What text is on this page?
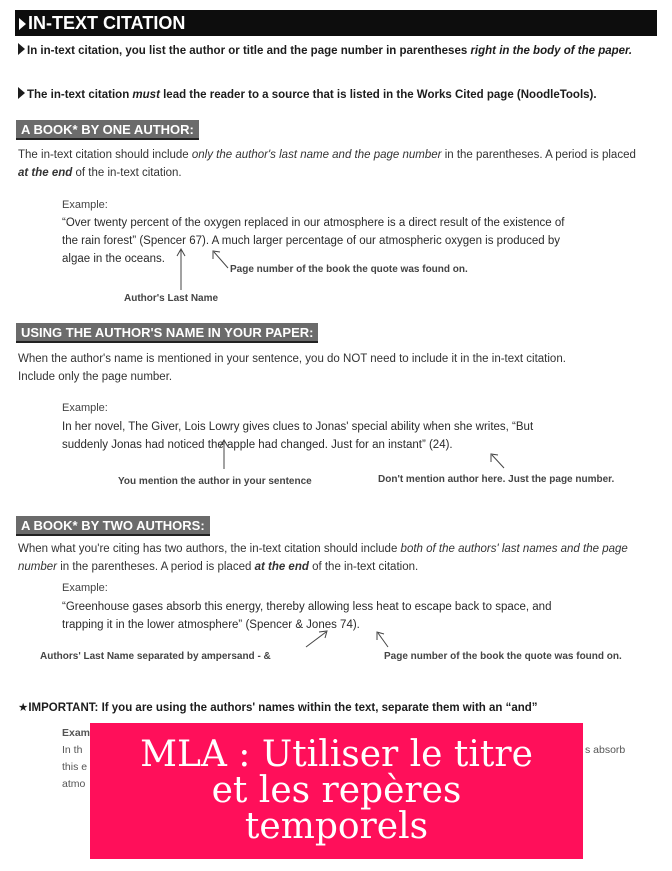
IN-TEXT CITATION
In in-text citation, you list the author or title and the page number in parentheses right in the body of the paper.
The in-text citation must lead the reader to a source that is listed in the Works Cited page (NoodleTools).
A BOOK* BY ONE AUTHOR:
The in-text citation should include only the author's last name and the page number in the parentheses. A period is placed at the end of the in-text citation.
Example:
“Over twenty percent of the oxygen replaced in our atmosphere is a direct result of the existence of
the rain forest” (Spencer 67). A much larger percentage of our atmospheric oxygen is produced by
algae in the oceans.
Page number of the book the quote was found on.
Author's Last Name
USING THE AUTHOR'S NAME IN YOUR PAPER:
When the author's name is mentioned in your sentence, you do NOT need to include it in the in-text citation.
Include only the page number.
Example:
In her novel, The Giver, Lois Lowry gives clues to Jonas' special ability when she writes, “But
suddenly Jonas had noticed the apple had changed. Just for an instant” (24).
You mention the author in your sentence	Don't mention author here. Just the page number.
A BOOK* BY TWO AUTHORS:
When what you're citing has two authors, the in-text citation should include both of the authors' last names and the page number in the parentheses. A period is placed at the end of the in-text citation.
Example:
“Greenhouse gases absorb this energy, thereby allowing less heat to escape back to space, and
trapping it in the lower atmosphere” (Spencer & Jones 74).
Authors' Last Name separated by ampersand - &	Page number of the book the quote was found on.
★IMPORTANT: If you are using the authors' names within the text, separate them with an “and”
Exam
In th
this e
atmo
s absorb
MLA : Utiliser le titre et les repères temporels
